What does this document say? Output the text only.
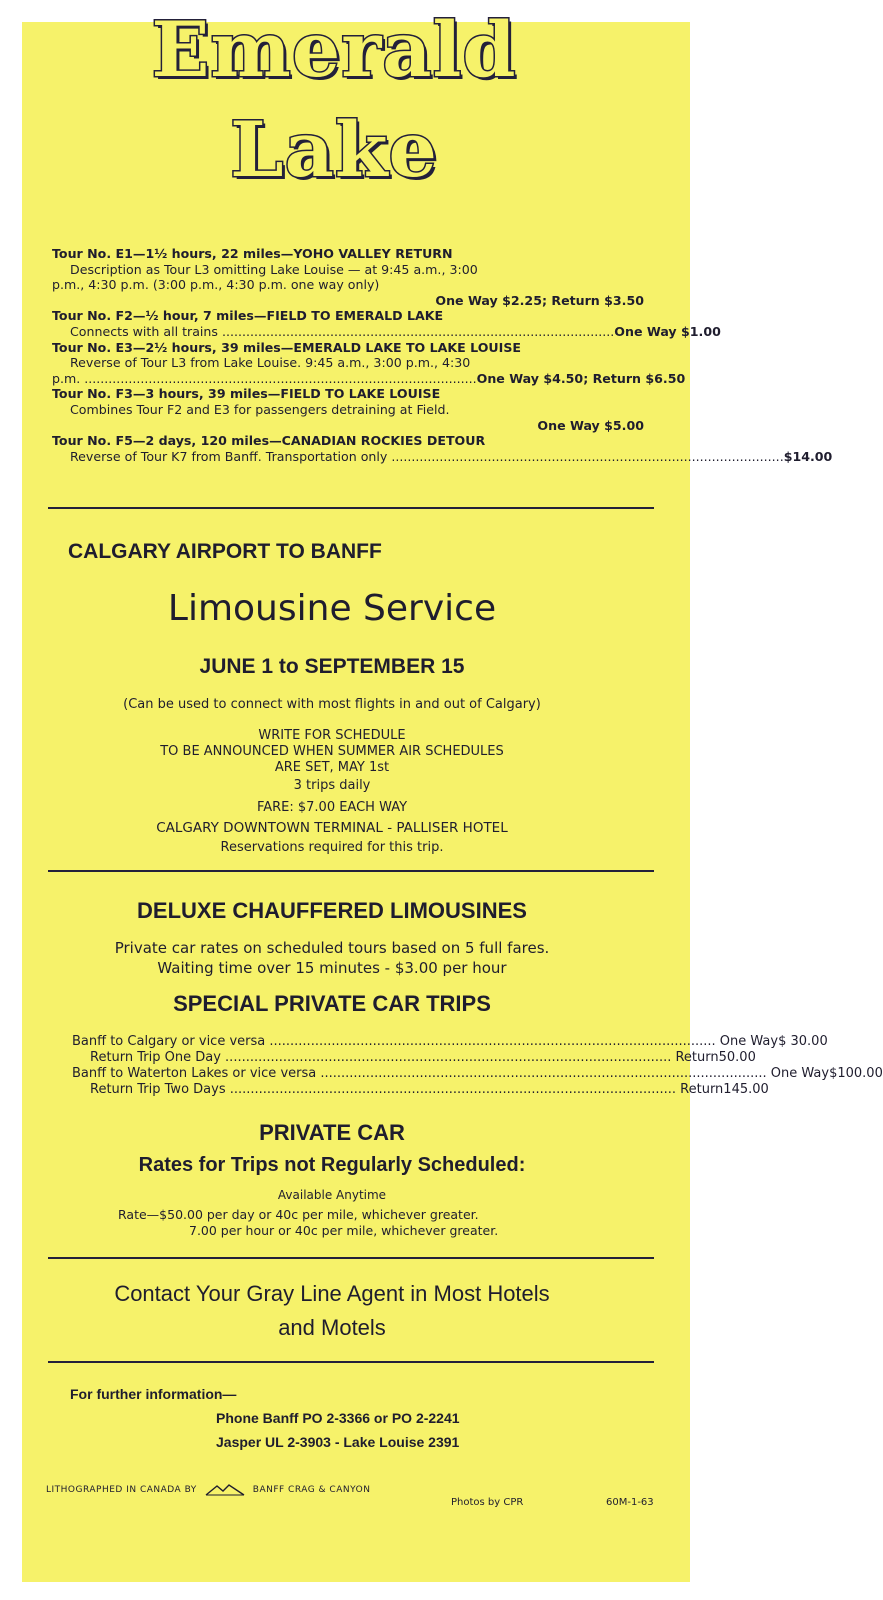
Emerald
Lake
Tour No. E1—1½ hours, 22 miles—YOHO VALLEY RETURN
Description as Tour L3 omitting Lake Louise — at 9:45 a.m., 3:00
p.m., 4:30 p.m. (3:00 p.m., 4:30 p.m. one way only)
One Way $2.25; Return $3.50
Tour No. F2—½ hour, 7 miles—FIELD TO EMERALD LAKE
Connects with all trains .................................................................................................. One Way $1.00
Tour No. E3—2½ hours, 39 miles—EMERALD LAKE TO LAKE LOUISE
Reverse of Tour L3 from Lake Louise. 9:45 a.m., 3:00 p.m., 4:30
p.m. .................................................................................................. One Way $4.50; Return $6.50
Tour No. F3—3 hours, 39 miles—FIELD TO LAKE LOUISE
Combines Tour F2 and E3 for passengers detraining at Field.
One Way $5.00
Tour No. F5—2 days, 120 miles—CANADIAN ROCKIES DETOUR
Reverse of Tour K7 from Banff. Transportation only .................................................................................................. $14.00
CALGARY AIRPORT TO BANFF
Limousine Service
JUNE 1 to SEPTEMBER 15
(Can be used to connect with most flights in and out of Calgary)
WRITE FOR SCHEDULE
TO BE ANNOUNCED WHEN SUMMER AIR SCHEDULES
ARE SET, MAY 1st
3 trips daily
FARE: $7.00 EACH WAY
CALGARY DOWNTOWN TERMINAL - PALLISER HOTEL
Reservations required for this trip.
DELUXE CHAUFFERED LIMOUSINES
Private car rates on scheduled tours based on 5 full fares.
Waiting time over 15 minutes - $3.00 per hour
SPECIAL PRIVATE CAR TRIPS
Banff to Calgary or vice versa ............................................................................................................ One Way $ 30.00
Return Trip One Day ............................................................................................................ Return 50.00
Banff to Waterton Lakes or vice versa ............................................................................................................ One Way $100.00
Return Trip Two Days ............................................................................................................ Return 145.00
PRIVATE CAR
Rates for Trips not Regularly Scheduled:
Available Anytime
Rate—$50.00 per day or 40c per mile, whichever greater.
7.00 per hour or 40c per mile, whichever greater.
Contact Your Gray Line Agent in Most Hotels
and Motels
For further information—
Phone Banff PO 2-3366 or PO 2-2241
Jasper UL 2-3903 - Lake Louise 2391
LITHOGRAPHED IN CANADA BY	BANFF CRAG & CANYON
Photos by CPR	60M-1-63
